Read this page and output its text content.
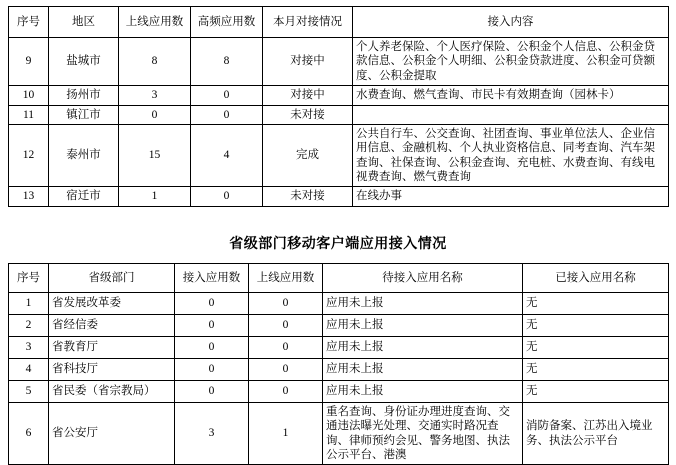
序号	地区	上线应用数	高频应用数	本月对接情况	接入内容
9	盐城市	8	8	对接中	个人养老保险、个人医疗保险、公积金个人信息、公积金贷款信息、公积金个人明细、公积金贷款进度、公积金可贷额度、公积金提取
10	扬州市	3	0	对接中	水费查询、燃气查询、市民卡有效期查询（园林卡）
11	镇江市	0	0	未对接	
12	泰州市	15	4	完成	公共自行车、公交查询、社团查询、事业单位法人、企业信用信息、金融机构、个人执业资格信息、同考查询、汽车架查询、社保查询、公积金查询、充电桩、水费查询、有线电视费查询、燃气费查询
13	宿迁市	1	0	未对接	在线办事
省级部门移动客户端应用接入情况
序号	省级部门	接入应用数	上线应用数	待接入应用名称	已接入应用名称
1	省发展改革委	0	0	应用未上报	无
2	省经信委	0	0	应用未上报	无
3	省教育厅	0	0	应用未上报	无
4	省科技厅	0	0	应用未上报	无
5	省民委（省宗教局）	0	0	应用未上报	无
6	省公安厅	3	1	重名查询、身份证办理进度查询、交通违法曝光处理、交通实时路况查询、律师预约会见、警务地图、执法公示平台、港澳	消防备案、江苏出入境业务、执法公示平台
